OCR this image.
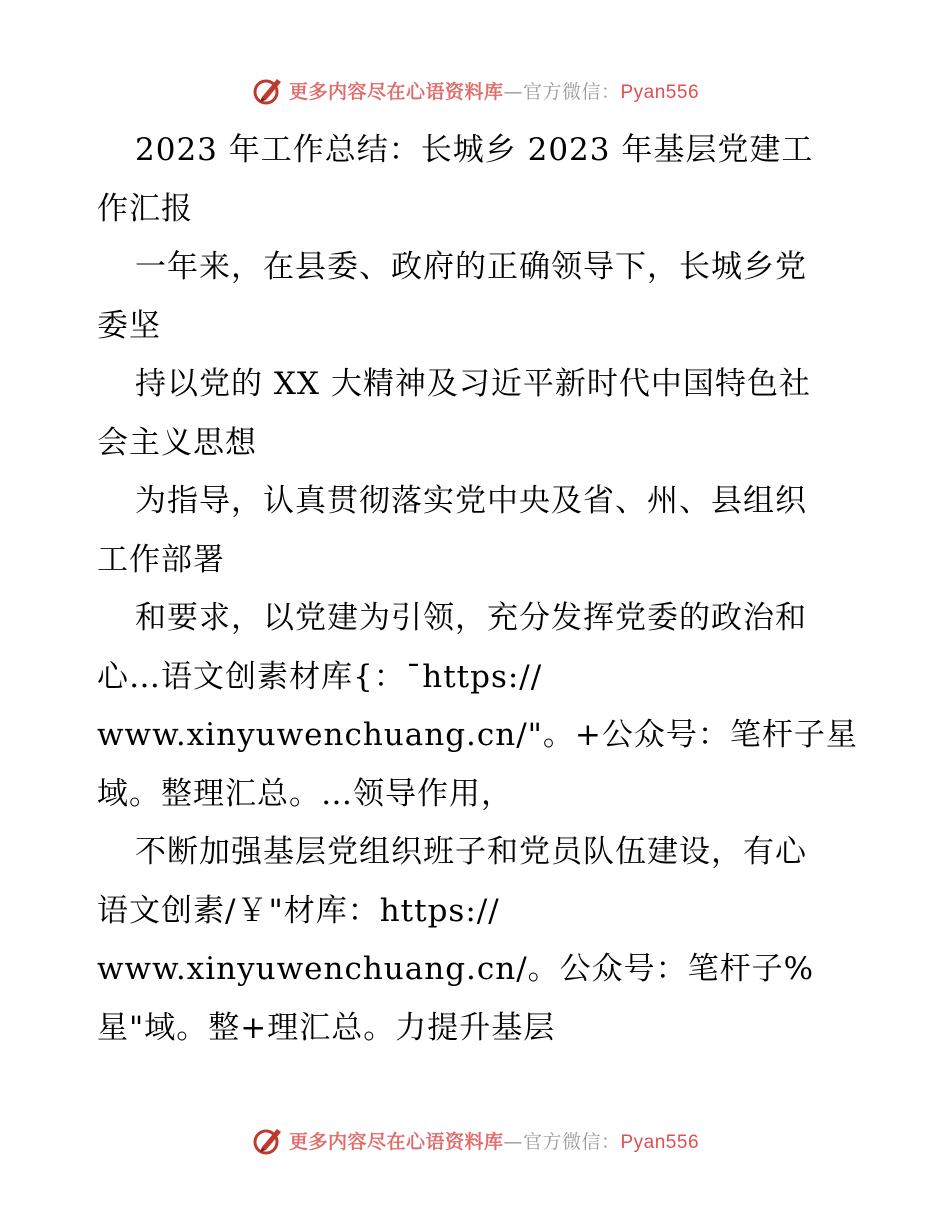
更多内容尽在心语资料库—官方微信：Pyan556
2023 年工作总结：长城乡 2023 年基层党建工
作汇报
一年来，在县委、政府的正确领导下，长城乡党
委坚
持以党的 XX 大精神及习近平新时代中国特色社
会主义思想
为指导，认真贯彻落实党中央及省、州、县组织
工作部署
和要求，以党建为引领，充分发挥党委的政治和
心…语文创素材库{：¯https://
www.xinyuwenchuang.cn/"。+公众号：笔杆子星
域。整理汇总。…领导作用，
不断加强基层党组织班子和党员队伍建设，有心
语文创素/￥"材库：https://
www.xinyuwenchuang.cn/。公众号：笔杆子%
星"域。整+理汇总。力提升基层
更多内容尽在心语资料库—官方微信：Pyan556
